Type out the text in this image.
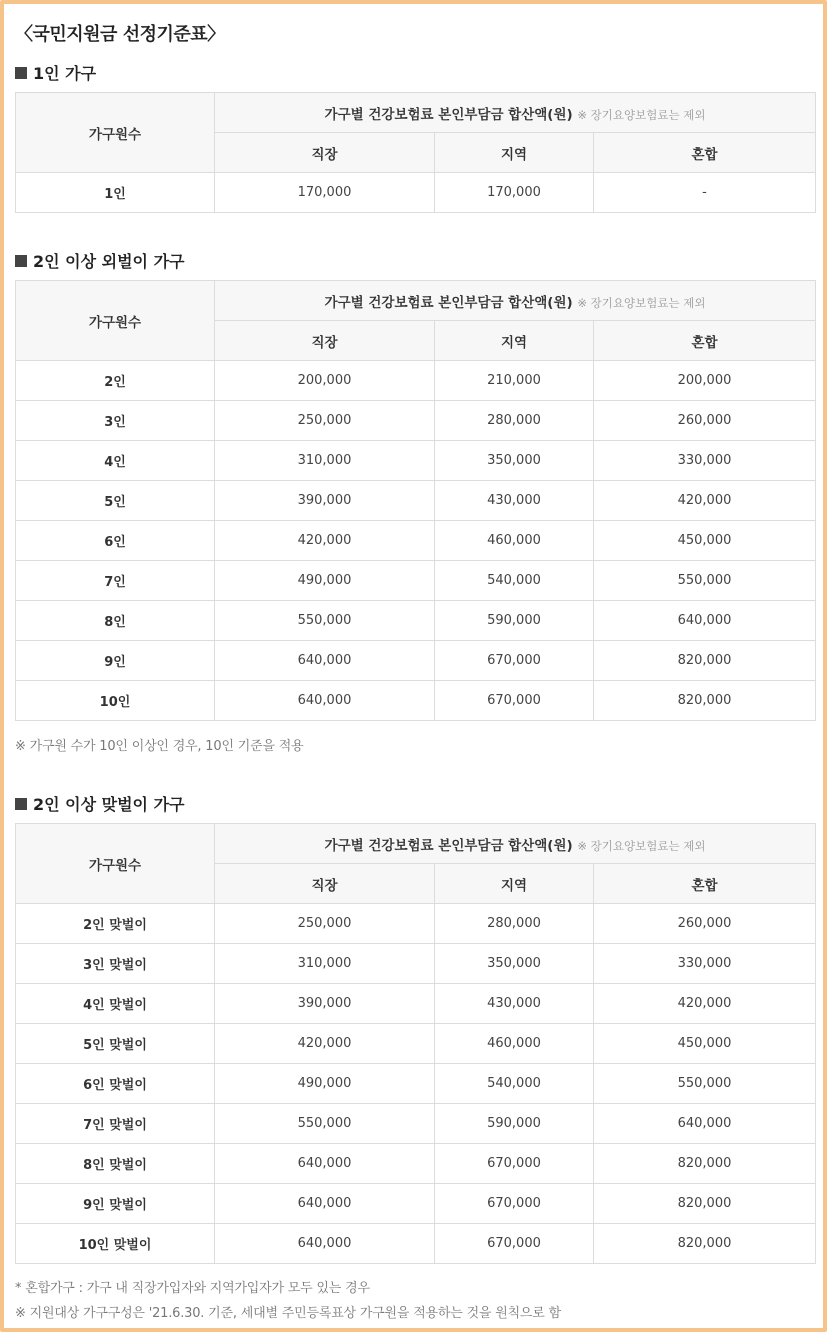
〈국민지원금 선정기준표〉
1인 가구
가구원수	가구별 건강보험료 본인부담금 합산액(원) ※ 장기요양보험료는 제외		
	직장	지역	혼합
1인	170,000	170,000	-
2인 이상 외벌이 가구
가구원수	가구별 건강보험료 본인부담금 합산액(원) ※ 장기요양보험료는 제외		
	직장	지역	혼합
2인	200,000	210,000	200,000
3인	250,000	280,000	260,000
4인	310,000	350,000	330,000
5인	390,000	430,000	420,000
6인	420,000	460,000	450,000
7인	490,000	540,000	550,000
8인	550,000	590,000	640,000
9인	640,000	670,000	820,000
10인	640,000	670,000	820,000
※ 가구원 수가 10인 이상인 경우, 10인 기준을 적용
2인 이상 맞벌이 가구
가구원수	가구별 건강보험료 본인부담금 합산액(원) ※ 장기요양보험료는 제외		
	직장	지역	혼합
2인 맞벌이	250,000	280,000	260,000
3인 맞벌이	310,000	350,000	330,000
4인 맞벌이	390,000	430,000	420,000
5인 맞벌이	420,000	460,000	450,000
6인 맞벌이	490,000	540,000	550,000
7인 맞벌이	550,000	590,000	640,000
8인 맞벌이	640,000	670,000	820,000
9인 맞벌이	640,000	670,000	820,000
10인 맞벌이	640,000	670,000	820,000
* 혼합가구 : 가구 내 직장가입자와 지역가입자가 모두 있는 경우
※ 지원대상 가구구성은 '21.6.30. 기준, 세대별 주민등록표상 가구원을 적용하는 것을 원칙으로 함
